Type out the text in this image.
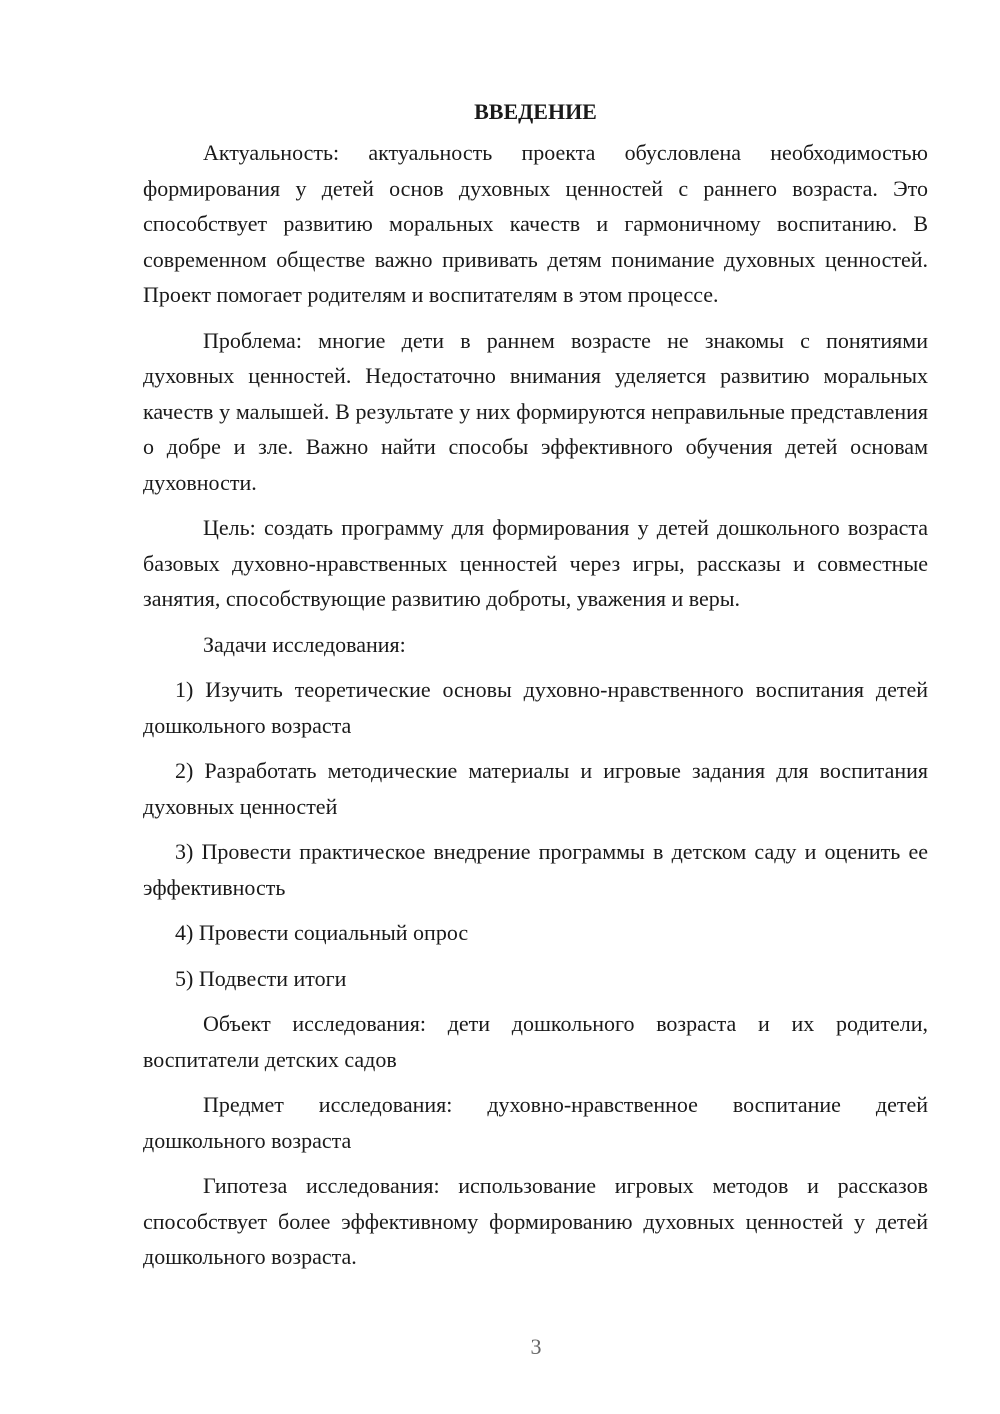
ВВЕДЕНИЕ

Актуальность: актуальность проекта обусловлена необходимостью формирования у детей основ духовных ценностей с раннего возраста. Это способствует развитию моральных качеств и гармоничному воспитанию. В современном обществе важно прививать детям понимание духовных ценностей. Проект помогает родителям и воспитателям в этом процессе.

Проблема: многие дети в раннем возрасте не знакомы с понятиями духовных ценностей. Недостаточно внимания уделяется развитию моральных качеств у малышей. В результате у них формируются неправильные представления о добре и зле. Важно найти способы эффективного обучения детей основам духовности.

Цель: создать программу для формирования у детей дошкольного возраста базовых духовно-нравственных ценностей через игры, рассказы и совместные занятия, способствующие развитию доброты, уважения и веры.

Задачи исследования:

1) Изучить теоретические основы духовно-нравственного воспитания детей дошкольного возраста

2) Разработать методические материалы и игровые задания для воспитания духовных ценностей

3) Провести практическое внедрение программы в детском саду и оценить ее эффективность

4) Провести социальный опрос

5) Подвести итоги

Объект исследования: дети дошкольного возраста и их родители, воспитатели детских садов

Предмет исследования: духовно-нравственное воспитание детей дошкольного возраста

Гипотеза исследования: использование игровых методов и рассказов способствует более эффективному формированию духовных ценностей у детей дошкольного возраста.

3
